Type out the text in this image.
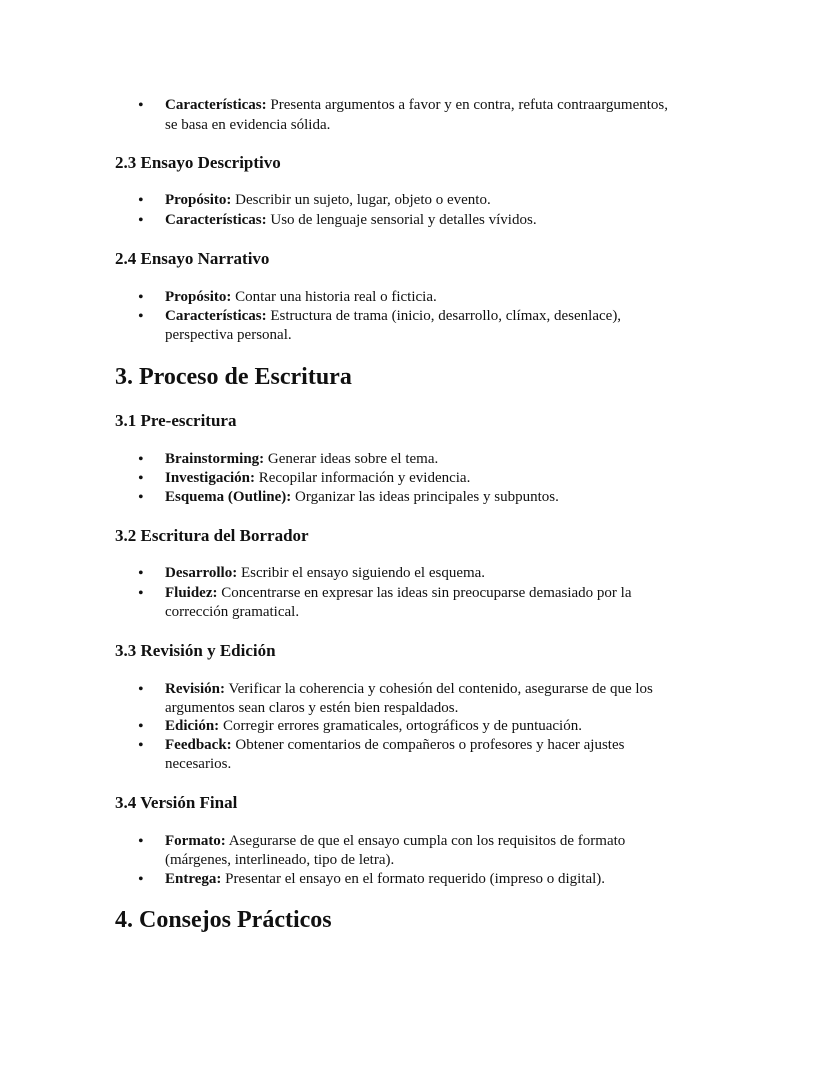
• Características: Presenta argumentos a favor y en contra, refuta contraargumentos,
se basa en evidencia sólida.
2.3 Ensayo Descriptivo
• Propósito: Describir un sujeto, lugar, objeto o evento.
• Características: Uso de lenguaje sensorial y detalles vívidos.
2.4 Ensayo Narrativo
• Propósito: Contar una historia real o ficticia.
• Características: Estructura de trama (inicio, desarrollo, clímax, desenlace),
perspectiva personal.
3. Proceso de Escritura
3.1 Pre-escritura
• Brainstorming: Generar ideas sobre el tema.
• Investigación: Recopilar información y evidencia.
• Esquema (Outline): Organizar las ideas principales y subpuntos.
3.2 Escritura del Borrador
• Desarrollo: Escribir el ensayo siguiendo el esquema.
• Fluidez: Concentrarse en expresar las ideas sin preocuparse demasiado por la
corrección gramatical.
3.3 Revisión y Edición
• Revisión: Verificar la coherencia y cohesión del contenido, asegurarse de que los
argumentos sean claros y estén bien respaldados.
• Edición: Corregir errores gramaticales, ortográficos y de puntuación.
• Feedback: Obtener comentarios de compañeros o profesores y hacer ajustes
necesarios.
3.4 Versión Final
• Formato: Asegurarse de que el ensayo cumpla con los requisitos de formato
(márgenes, interlineado, tipo de letra).
• Entrega: Presentar el ensayo en el formato requerido (impreso o digital).
4. Consejos Prácticos
